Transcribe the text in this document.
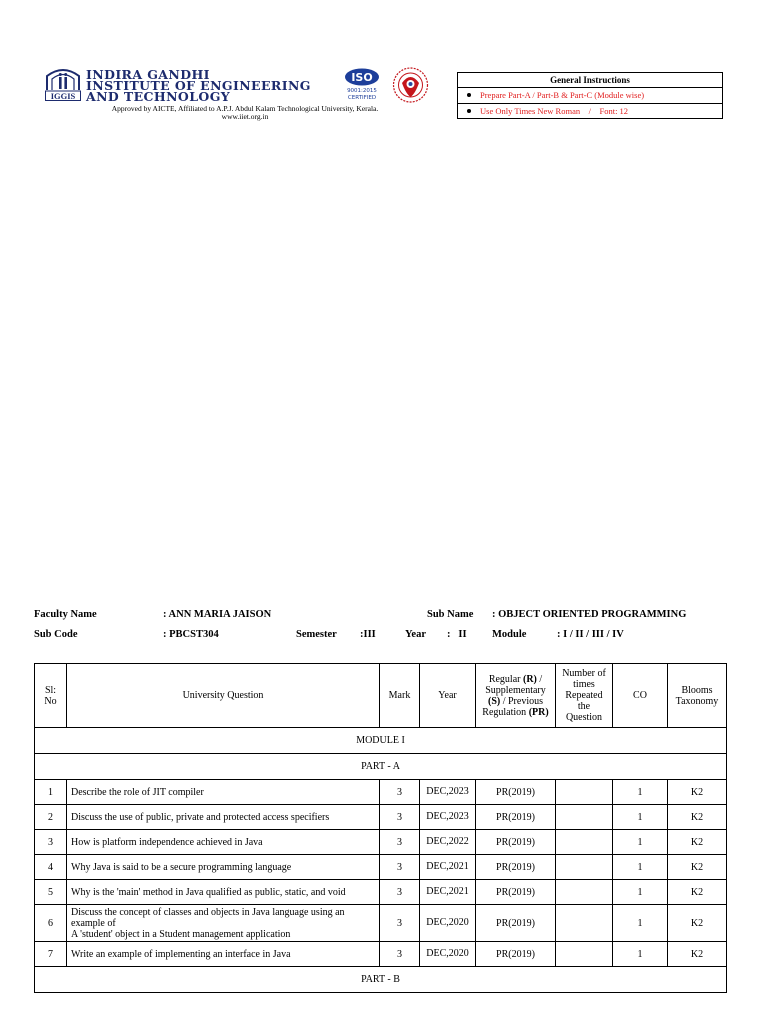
IGGIS
INDIRA GANDHI
INSTITUTE OF ENGINEERING
AND TECHNOLOGY
Approved by AICTE, Affiliated to A.P.J. Abdul Kalam Technological University, Kerala.
www.iiet.org.in
ISO
9001:2015
CERTIFIED
General Instructions
Prepare Part-A / Part-B & Part-C (Module wise)
Use Only Times New Roman    /    Font: 12
Faculty Name	: ANN MARIA JAISON	Sub Name : OBJECT ORIENTED PROGRAMMING
Sub Code	: PBCST304	Semester :III	Year :   II Module	: I / II / III / IV
Sl: No	University Question	Mark	Year	Regular (R) / Supplementary (S) / Previous Regulation (PR)	Number of times Repeated the Question	CO	Blooms Taxonomy
MODULE I							
PART - A							
1	Describe the role of JIT compiler	3	DEC,2023	PR(2019)		1	K2
2	Discuss the use of public, private and protected access specifiers	3	DEC,2023	PR(2019)		1	K2
3	How is platform independence achieved in Java	3	DEC,2022	PR(2019)		1	K2
4	Why Java is said to be a secure programming language	3	DEC,2021	PR(2019)		1	K2
5	Why is the 'main' method in Java qualified as public, static, and void	3	DEC,2021	PR(2019)		1	K2
6	Discuss the concept of classes and objects in Java language using an example of
A 'student' object in a Student management application	3	DEC,2020	PR(2019)		1	K2
7	Write an example of implementing an interface in Java	3	DEC,2020	PR(2019)		1	K2
PART - B							
